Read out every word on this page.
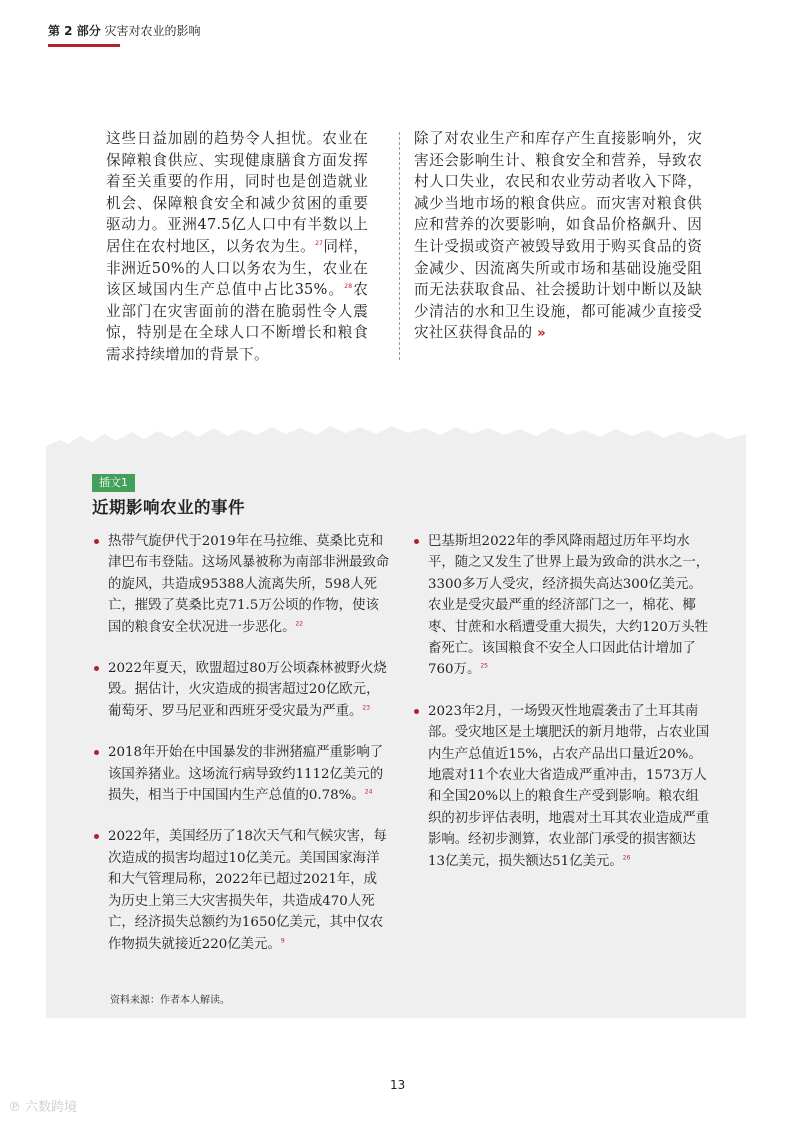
第 2 部分 灾害对农业的影响
这些日益加剧的趋势令人担忧。农业在保障粮食供应、实现健康膳食方面发挥着至关重要的作用，同时也是创造就业机会、保障粮食安全和减少贫困的重要驱动力。亚洲47.5亿人口中有半数以上居住在农村地区，以务农为生。$^{27}$同样，非洲近50%的人口以务农为生，农业在该区域国内生产总值中占比35%。$^{28}$农业部门在灾害面前的潜在脆弱性令人震惊，特别是在全球人口不断增长和粮食需求持续增加的背景下。
除了对农业生产和库存产生直接影响外，灾害还会影响生计、粮食安全和营养，导致农村人口失业，农民和农业劳动者收入下降，减少当地市场的粮食供应。而灾害对粮食供应和营养的次要影响，如食品价格飙升、因生计受损或资产被毁导致用于购买食品的资金减少、因流离失所或市场和基础设施受阻而无法获取食品、社会援助计划中断以及缺少清洁的水和卫生设施，都可能减少直接受灾社区获得食品的 »
插文1
近期影响农业的事件
热带气旋伊代于2019年在马拉维、莫桑比克和津巴布韦登陆。这场风暴被称为南部非洲最致命的旋风，共造成95388人流离失所，598人死亡，摧毁了莫桑比克71.5万公顷的作物，使该国的粮食安全状况进一步恶化。$^{22}$
2022年夏天，欧盟超过80万公顷森林被野火烧毁。据估计，火灾造成的损害超过20亿欧元，葡萄牙、罗马尼亚和西班牙受灾最为严重。$^{23}$
2018年开始在中国暴发的非洲猪瘟严重影响了该国养猪业。这场流行病导致约1112亿美元的损失，相当于中国国内生产总值的0.78%。$^{24}$
2022年，美国经历了18次天气和气候灾害，每次造成的损害均超过10亿美元。美国国家海洋和大气管理局称，2022年已超过2021年，成为历史上第三大灾害损失年，共造成470人死亡，经济损失总额约为1650亿美元，其中仅农作物损失就接近220亿美元。$^9$
巴基斯坦2022年的季风降雨超过历年平均水平，随之又发生了世界上最为致命的洪水之一，3300多万人受灾，经济损失高达300亿美元。农业是受灾最严重的经济部门之一，棉花、椰枣、甘蔗和水稻遭受重大损失，大约120万头牲畜死亡。该国粮食不安全人口因此估计增加了760万。$^{25}$
2023年2月，一场毁灭性地震袭击了土耳其南部。受灾地区是土壤肥沃的新月地带，占农业国内生产总值近15%，占农产品出口量近20%。地震对11个农业大省造成严重冲击，1573万人和全国20%以上的粮食生产受到影响。粮农组织的初步评估表明，地震对土耳其农业造成严重影响。经初步测算，农业部门承受的损害额达13亿美元，损失额达51亿美元。$^{26}$
资料来源：作者本人解读。
13
℗ 六数跨境
